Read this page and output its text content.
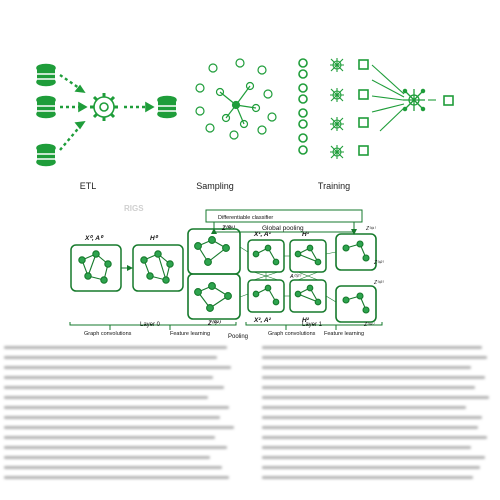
ETL	Sampling	Training
RIGS
Differentiable classifier
Global pooling
X⁰, A⁰	H⁰
Z⁽⁰ʲ¹⁾
Z⁽⁰ʲ²⁾
X¹, A¹
X², A²
H¹
H²
A⁽¹ʲ²⁾
Z⁽¹ʲ¹⁾
Z⁽¹ʲ²⁾
Z⁽¹ʲ³⁾
Z⁽¹ʲ⁴⁾
Layer 0	Layer 1
Graph convolutions	Feature learning	Pooling	Graph convolutions Feature learning
